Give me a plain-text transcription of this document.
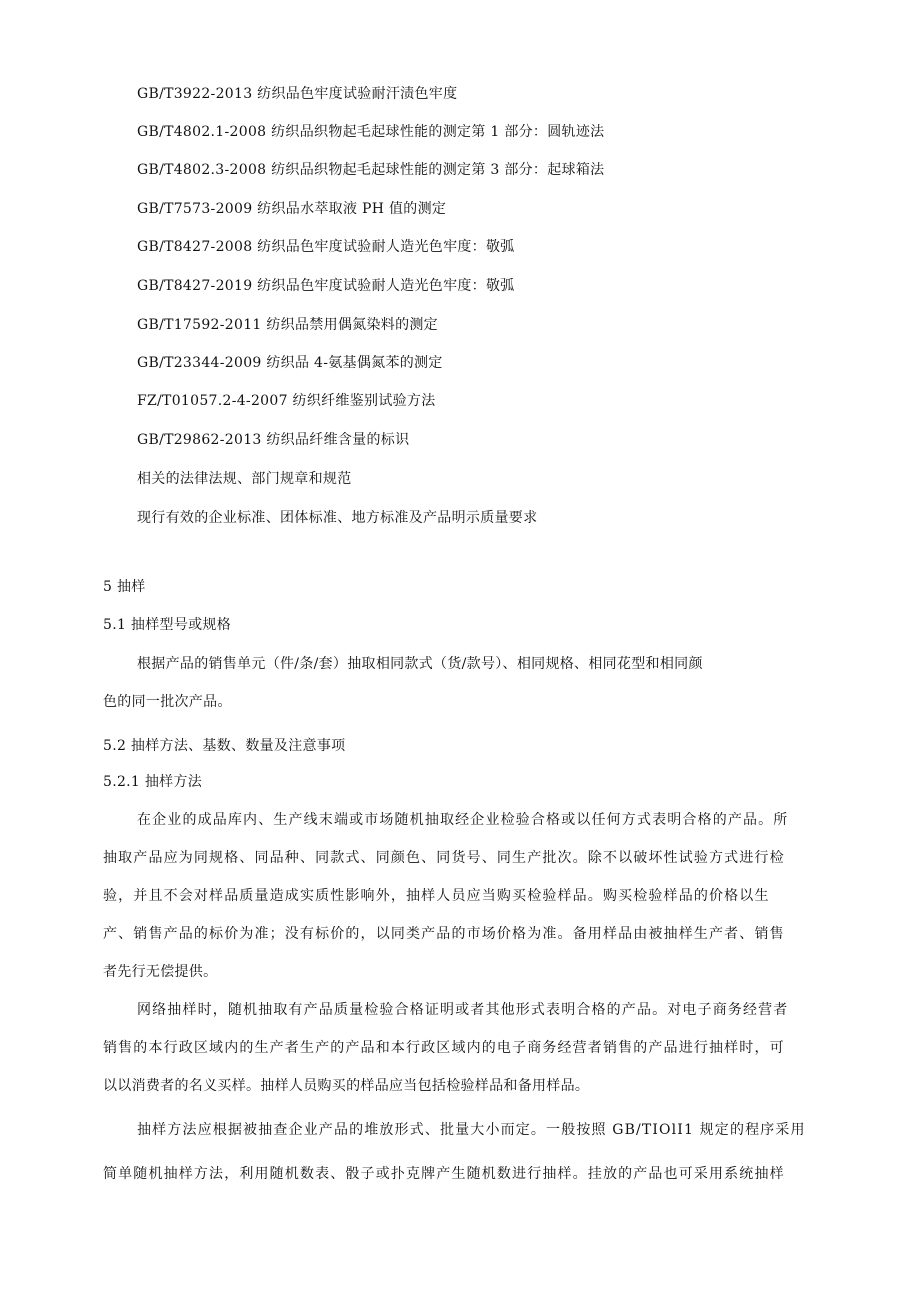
GB/T3922-2013 纺织品色牢度试验耐汗渍色牢度
GB/T4802.1-2008 纺织品织物起毛起球性能的测定第 1 部分：圆轨迹法
GB/T4802.3-2008 纺织品织物起毛起球性能的测定第 3 部分：起球箱法
GB/T7573-2009 纺织品水萃取液 PH 值的测定
GB/T8427-2008 纺织品色牢度试验耐人造光色牢度：敬弧
GB/T8427-2019 纺织品色牢度试验耐人造光色牢度：敬弧
GB/T17592-2011 纺织品禁用偶氮染料的测定
GB/T23344-2009 纺织品 4-氨基偶氮苯的测定
FZ/T01057.2-4-2007 纺织纤维鉴别试验方法
GB/T29862-2013 纺织品纤维含量的标识
相关的法律法规、部门规章和规范
现行有效的企业标准、团体标准、地方标准及产品明示质量要求
5 抽样
5.1 抽样型号或规格
根据产品的销售单元（件/条/套）抽取相同款式（货/款号）、相同规格、相同花型和相同颜
色的同一批次产品。
5.2 抽样方法、基数、数量及注意事项
5.2.1 抽样方法
在企业的成品库内、生产线末端或市场随机抽取经企业检验合格或以任何方式表明合格的产品。所
抽取产品应为同规格、同品种、同款式、同颜色、同货号、同生产批次。除不以破坏性试验方式进行检
验，并且不会对样品质量造成实质性影响外，抽样人员应当购买检验样品。购买检验样品的价格以生
产、销售产品的标价为准；没有标价的，以同类产品的市场价格为准。备用样品由被抽样生产者、销售
者先行无偿提供。
网络抽样时，随机抽取有产品质量检验合格证明或者其他形式表明合格的产品。对电子商务经营者
销售的本行政区域内的生产者生产的产品和本行政区域内的电子商务经营者销售的产品进行抽样时，可
以以消费者的名义买样。抽样人员购买的样品应当包括检验样品和备用样品。
抽样方法应根据被抽查企业产品的堆放形式、批量大小而定。一般按照 GB/TIOlI1 规定的程序采用
简单随机抽样方法，利用随机数表、骰子或扑克牌产生随机数进行抽样。挂放的产品也可采用系统抽样
